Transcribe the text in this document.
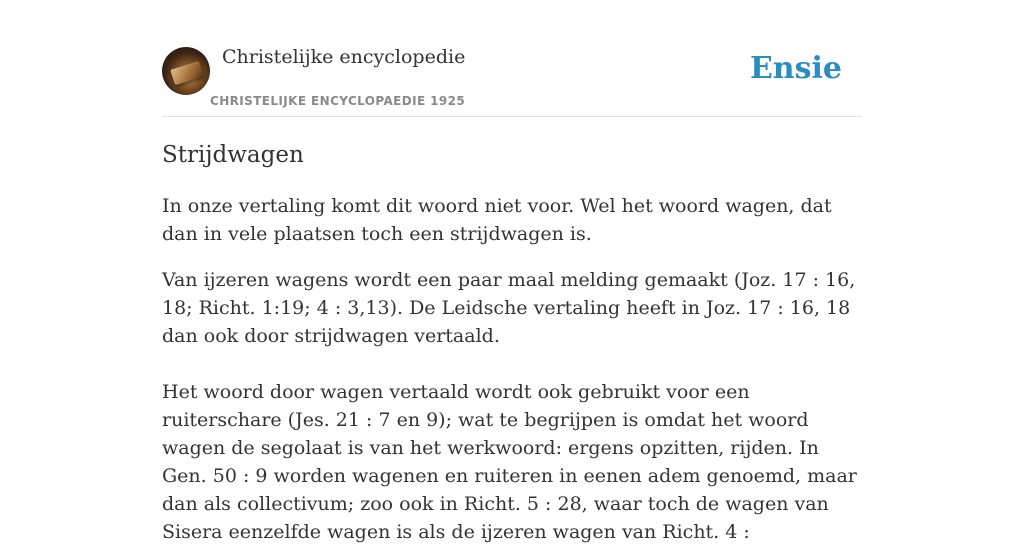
Christelijke encyclopedie
CHRISTELIJKE ENCYCLOPAEDIE 1925
Ensie
Strijdwagen

In onze vertaling komt dit woord niet voor. Wel het woord wagen, dat dan in vele plaatsen toch een strijdwagen is.

Van ijzeren wagens wordt een paar maal melding gemaakt (Joz. 17 : 16, 18; Richt. 1:19; 4 : 3,13). De Leidsche vertaling heeft in Joz. 17 : 16, 18 dan ook door strijdwagen vertaald.

Het woord door wagen vertaald wordt ook gebruikt voor een ruiterschare (Jes. 21 : 7 en 9); wat te begrijpen is omdat het woord wagen de segolaat is van het werkwoord: ergens opzitten, rijden. In Gen. 50 : 9 worden wagenen en ruiteren in eenen adem genoemd, maar dan als collectivum; zoo ook in Richt. 5 : 28, waar toch de wagen van Sisera eenzelfde wagen is als de ijzeren wagen van Richt. 4 :
